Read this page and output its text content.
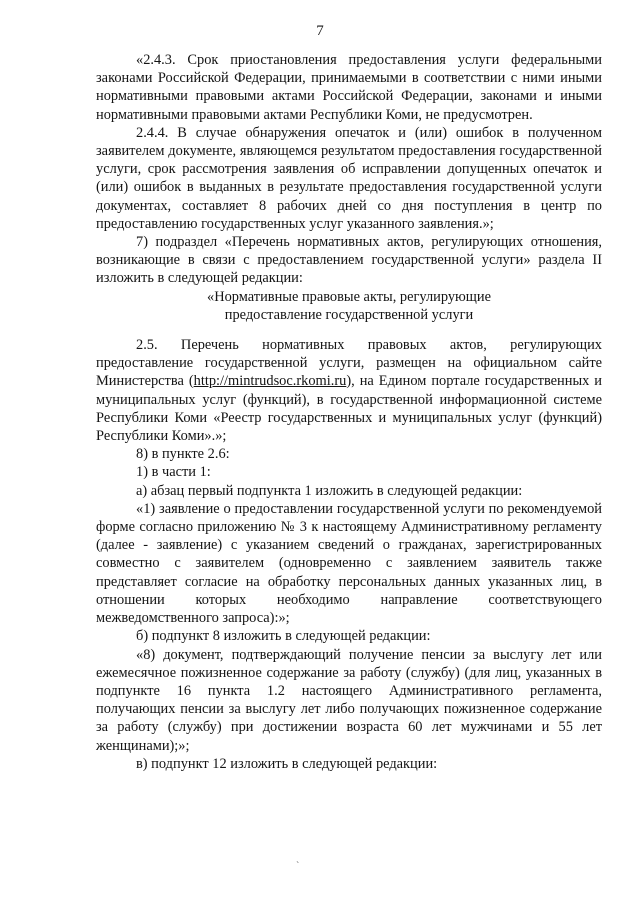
7

«2.4.3. Срок приостановления предоставления услуги федеральными законами Российской Федерации, принимаемыми в соответствии с ними иными нормативными правовыми актами Российской Федерации, законами и иными нормативными правовыми актами Республики Коми, не предусмотрен.

2.4.4. В случае обнаружения опечаток и (или) ошибок в полученном заявителем документе, являющемся результатом предоставления государственной услуги, срок рассмотрения заявления об исправлении допущенных опечаток и (или) ошибок в выданных в результате предоставления государственной услуги документах, составляет 8 рабочих дней со дня поступления в центр по предоставлению государственных услуг указанного заявления.»;

7) подраздел «Перечень нормативных актов, регулирующих отношения, возникающие в связи с предоставлением государственной услуги» раздела II изложить в следующей редакции:

«Нормативные правовые акты, регулирующие

предоставление государственной услуги

2.5. Перечень нормативных правовых актов, регулирующих предоставление государственной услуги, размещен на официальном сайте Министерства (http://mintrudsoc.rkomi.ru), на Едином портале государственных и муниципальных услуг (функций), в государственной информационной системе Республики Коми «Реестр государственных и муниципальных услуг (функций) Республики Коми».»;

8) в пункте 2.6:

1) в части 1:

а) абзац первый подпункта 1 изложить в следующей редакции:

«1) заявление о предоставлении государственной услуги по рекомендуемой форме согласно приложению № 3 к настоящему Административному регламенту (далее - заявление) с указанием сведений о гражданах, зарегистрированных совместно с заявителем (одновременно с заявлением заявитель также представляет согласие на обработку персональных данных указанных лиц, в отношении которых необходимо направление соответствующего межведомственного запроса):»;

б) подпункт 8 изложить в следующей редакции:

«8) документ, подтверждающий получение пенсии за выслугу лет или ежемесячное пожизненное содержание за работу (службу) (для лиц, указанных в подпункте 16 пункта 1.2 настоящего Административного регламента, получающих пенсии за выслугу лет либо получающих пожизненное содержание за работу (службу) при достижении возраста 60 лет мужчинами и 55 лет женщинами);»;

в) подпункт 12 изложить в следующей редакции:

`
